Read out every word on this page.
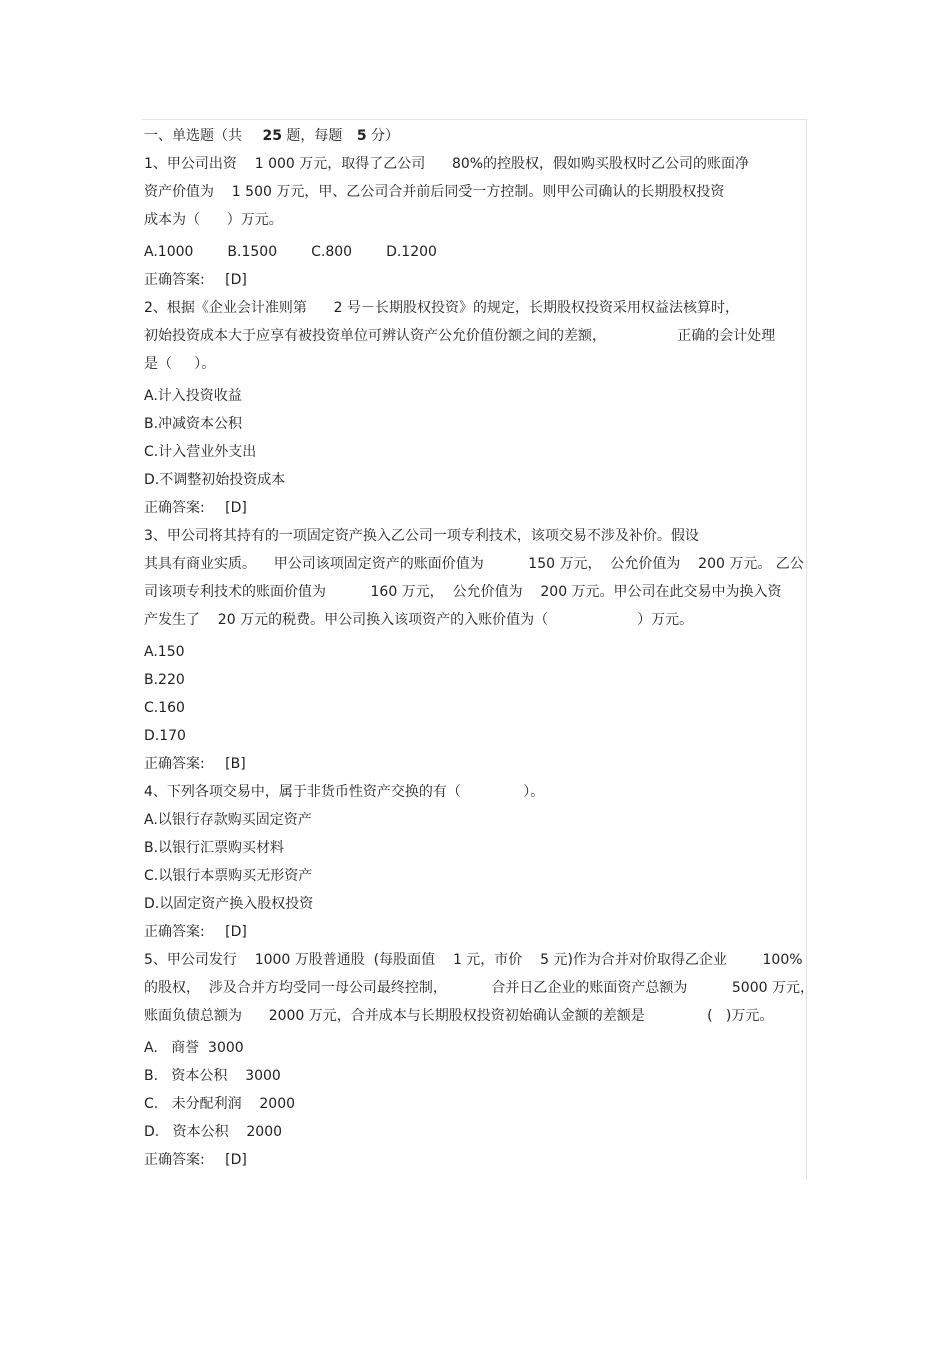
一、单选题（共 25 题，每题 5 分）
1、甲公司出资    1 000 万元，取得了乙公司      80%的控股权，假如购买股权时乙公司的账面净
资产价值为    1 500 万元，甲、乙公司合并前后同受一方控制。则甲公司确认的长期股权投资
成本为（      ）万元。
A.1000 B.1500 C.800 D.1200
正确答案: [D]
2、根据《企业会计准则第      2 号－长期股权投资》的规定，长期股权投资采用权益法核算时，
初始投资成本大于应享有被投资单位可辨认资产公允价值份额之间的差额，                正确的会计处理
是（     ）。
A.计入投资收益
B.冲减资本公积
C.计入营业外支出
D.不调整初始投资成本
正确答案: [D]
3、甲公司将其持有的一项固定资产换入乙公司一项专利技术，该项交易不涉及补价。假设
其具有商业实质。    甲公司该项固定资产的账面价值为          150 万元，  公允价值为    200 万元。 乙公
司该项专利技术的账面价值为          160 万元，  公允价值为    200 万元。甲公司在此交易中为换入资
产发生了    20 万元的税费。甲公司换入该项资产的入账价值为（                    ）万元。
A.150
B.220
C.160
D.170
正确答案: [B]
4、下列各项交易中，属于非货币性资产交换的有（              ）。
A.以银行存款购买固定资产
B.以银行汇票购买材料
C.以银行本票购买无形资产
D.以固定资产换入股权投资
正确答案: [D]
5、甲公司发行    1000 万股普通股  (每股面值    1 元，市价    5 元)作为合并对价取得乙企业        100%
的股权，  涉及合并方均受同一母公司最终控制，          合并日乙企业的账面资产总额为          5000 万元，
账面负债总额为      2000 万元，合并成本与长期股权投资初始确认金额的差额是              (   )万元。
A.   商誉  3000
B.   资本公积    3000
C.   未分配利润    2000
D.   资本公积    2000
正确答案: [D]
